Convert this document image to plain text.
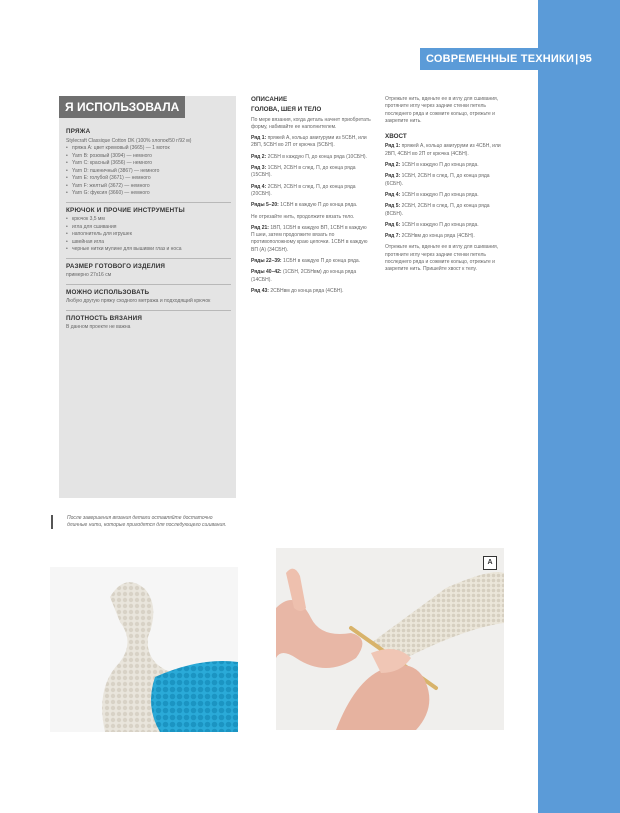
СОВРЕМЕННЫЕ ТЕХНИКИ|95
Я ИСПОЛЬЗОВАЛА
ПРЯЖА
Stylecraft Classique Cotton DK (100% хлопок/50 г/92 м)
• пряжа A: цвет кремовый (3665) — 1 моток
• Yarn B: розовый (3094) — немного
• Yarn C: красный (3656) — немного
• Yarn D: пшеничный (3867) — немного
• Yarn E: голубой (3671) — немного
• Yarn F: желтый (3672) — немного
• Yarn G: фуксия (3660) — немного
КРЮЧОК И ПРОЧИЕ ИНСТРУМЕНТЫ
• крючок 3,5 мм
• игла для сшивания
• наполнитель для игрушек
• швейная игла
• черные нитки мулине для вышивки глаз и носа
РАЗМЕР ГОТОВОГО ИЗДЕЛИЯ
примерно 27х16 см
МОЖНО ИСПОЛЬЗОВАТЬ
Любую другую пряжу сходного метража и подходящий крючок
ПЛОТНОСТЬ ВЯЗАНИЯ
В данном проекте не важна
После завершения вязания детали оставляйте достаточно длинные нити, которые пригодятся для последующего сшивания.
ОПИСАНИЕ
ГОЛОВА, ШЕЯ И ТЕЛО

По мере вязания, когда деталь начнет приобретать форму, набивайте ее наполнителем.

Ряд 1: пряжей A, кольцо амигуруми из 5СБН, или 2ВП, 5СБН во 2П от крючка (5СБН).

Ряд 2: 2СБН в каждую П, до конца ряда (10СБН).

Ряд 3: 1СБН, 2СБН в след. П, до конца ряда (15СБН).

Ряд 4: 2СБН, 2СБН в след. П, до конца ряда (20СБН).

Ряды 5–20: 1СБН в каждую П до конца ряда.

Не отрезайте нить, продолжите вязать тело.

Ряд 21: 1ВП, 1СБН в каждую ВП, 1СБН в каждую П шеи, затем продолжите вязать по противоположному краю цепочки. 1СБН в каждую ВП (А) (34СБН).

Ряды 22–39: 1СБН в каждую П до конца ряда.

Ряды 40–42: (1СБН, 2СБНвм) до конца ряда (14СБН).

Ряд 43: 2СБНвм до конца ряда (4СБН).

Отрежьте нить, вденьте ее в иглу для сшивания, протяните иглу через задние стенки петель последнего ряда и сожмите кольцо, отрежьте и закрепите нить.

ХВОСТ

Ряд 1: пряжей A, кольцо амигуруми из 4СБН, или 2ВП, 4СБН во 2П от крючка (4СБН).

Ряд 2: 1СБН в каждую П до конца ряда.

Ряд 3: 1СБН, 2СБН в след. П, до конца ряда (6СБН).

Ряд 4: 1СБН в каждую П до конца ряда.

Ряд 5: 2СБН, 2СБН в след. П, до конца ряда (8СБН).

Ряд 6: 1СБН в каждую П до конца ряда.

Ряд 7: 2СБНвм до конца ряда (4СБН).

Отрежьте нить, вденьте ее в иглу для сшивания, протяните иглу через задние стенки петель последнего ряда и сожмите кольцо, отрежьте и закрепите нить. Пришейте хвост к телу.

A
